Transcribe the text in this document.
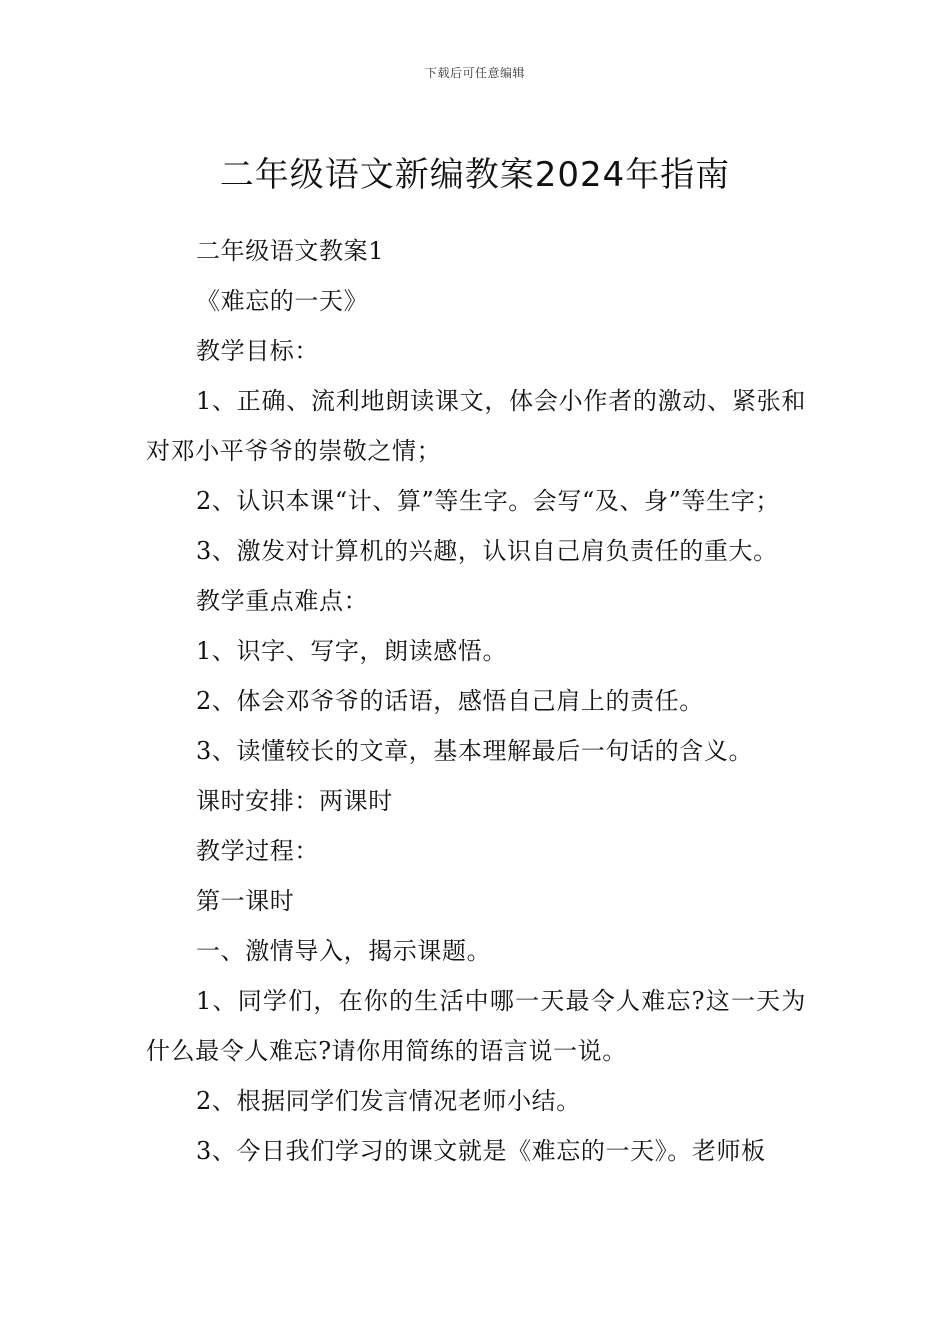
下载后可任意编辑
二年级语文新编教案2024年指南

二年级语文教案1

《难忘的一天》

教学目标：

1、正确、流利地朗读课文，体会小作者的激动、紧张和对邓小平爷爷的崇敬之情；

2、认识本课“计、算”等生字。会写“及、身”等生字；

3、激发对计算机的兴趣，认识自己肩负责任的重大。

教学重点难点：

1、识字、写字，朗读感悟。

2、体会邓爷爷的话语，感悟自己肩上的责任。

3、读懂较长的文章，基本理解最后一句话的含义。

课时安排：两课时

教学过程：

第一课时

一、激情导入，揭示课题。

1、同学们，在你的生活中哪一天最令人难忘?这一天为什么最令人难忘?请你用简练的语言说一说。

2、根据同学们发言情况老师小结。

3、今日我们学习的课文就是《难忘的一天》。老师板
